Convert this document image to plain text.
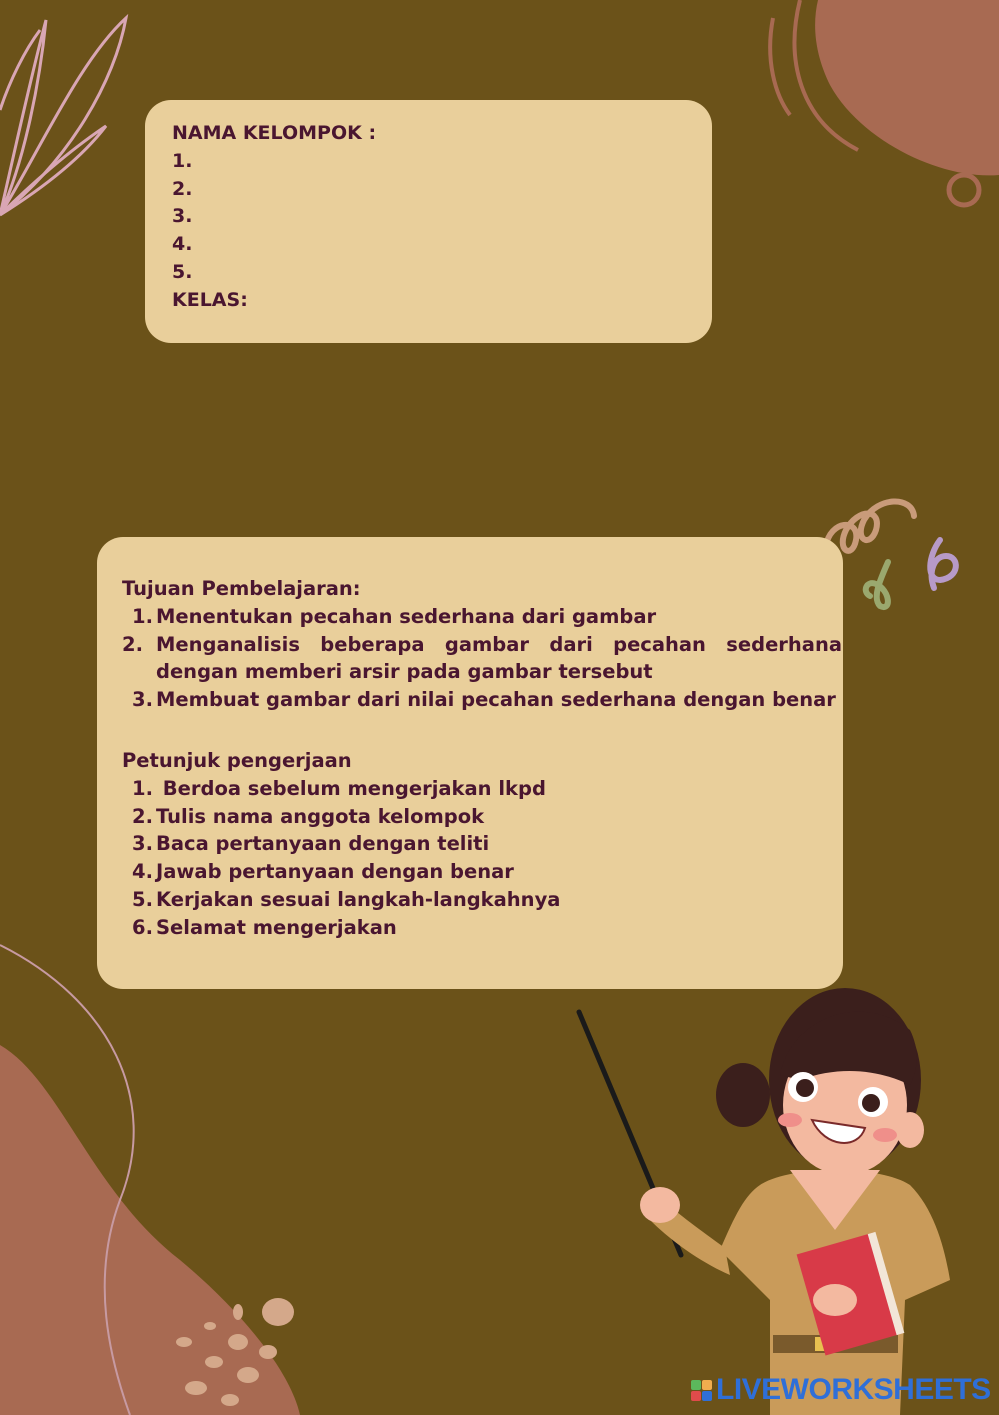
NAMA KELOMPOK :
1.
2.
3.
4.
5.
KELAS:
Tujuan Pembelajaran:
1. Menentukan pecahan sederhana dari gambar
2. Menganalisis beberapa gambar dari pecahan sederhana dengan memberi arsir pada gambar tersebut
3. Membuat gambar dari nilai pecahan sederhana dengan benar
Petunjuk pengerjaan
1. Berdoa sebelum mengerjakan lkpd
2. Tulis nama anggota kelompok
3. Baca pertanyaan dengan teliti
4. Jawab pertanyaan dengan benar
5. Kerjakan sesuai langkah-langkahnya
6. Selamat mengerjakan
LIVEWORKSHEETS
